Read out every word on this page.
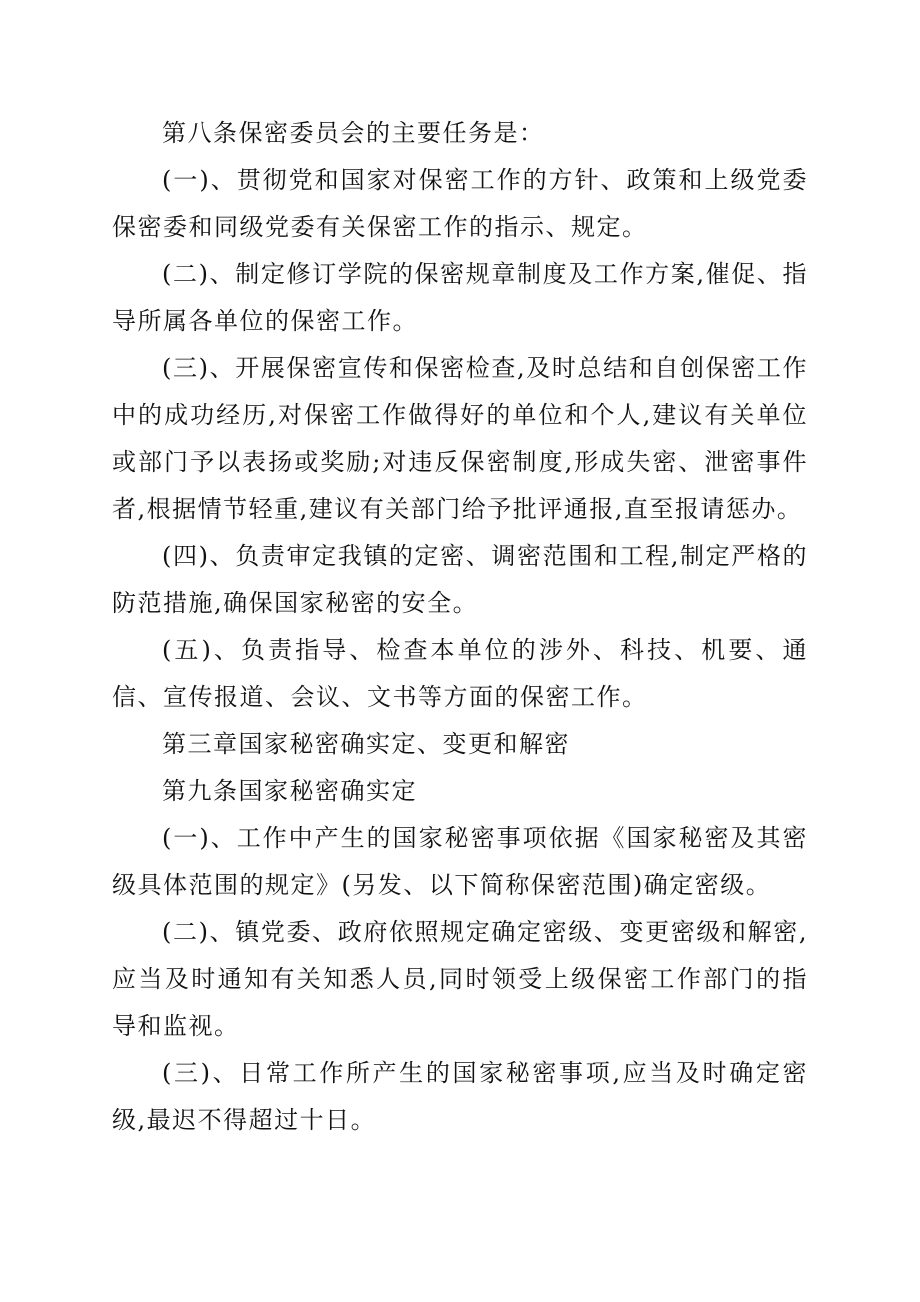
第八条保密委员会的主要任务是：

(一)、贯彻党和国家对保密工作的方针、政策和上级党委保密委和同级党委有关保密工作的指示、规定。

(二)、制定修订学院的保密规章制度及工作方案,催促、指导所属各单位的保密工作。

(三)、开展保密宣传和保密检查,及时总结和自创保密工作中的成功经历,对保密工作做得好的单位和个人,建议有关单位或部门予以表扬或奖励;对违反保密制度,形成失密、泄密事件者,根据情节轻重,建议有关部门给予批评通报,直至报请惩办。

(四)、负责审定我镇的定密、调密范围和工程,制定严格的防范措施,确保国家秘密的安全。

(五)、负责指导、检查本单位的涉外、科技、机要、通信、宣传报道、会议、文书等方面的保密工作。

第三章国家秘密确实定、变更和解密

第九条国家秘密确实定

(一)、工作中产生的国家秘密事项依据《国家秘密及其密级具体范围的规定》(另发、以下简称保密范围)确定密级。

(二)、镇党委、政府依照规定确定密级、变更密级和解密,应当及时通知有关知悉人员,同时领受上级保密工作部门的指导和监视。

(三)、日常工作所产生的国家秘密事项,应当及时确定密级,最迟不得超过十日。
